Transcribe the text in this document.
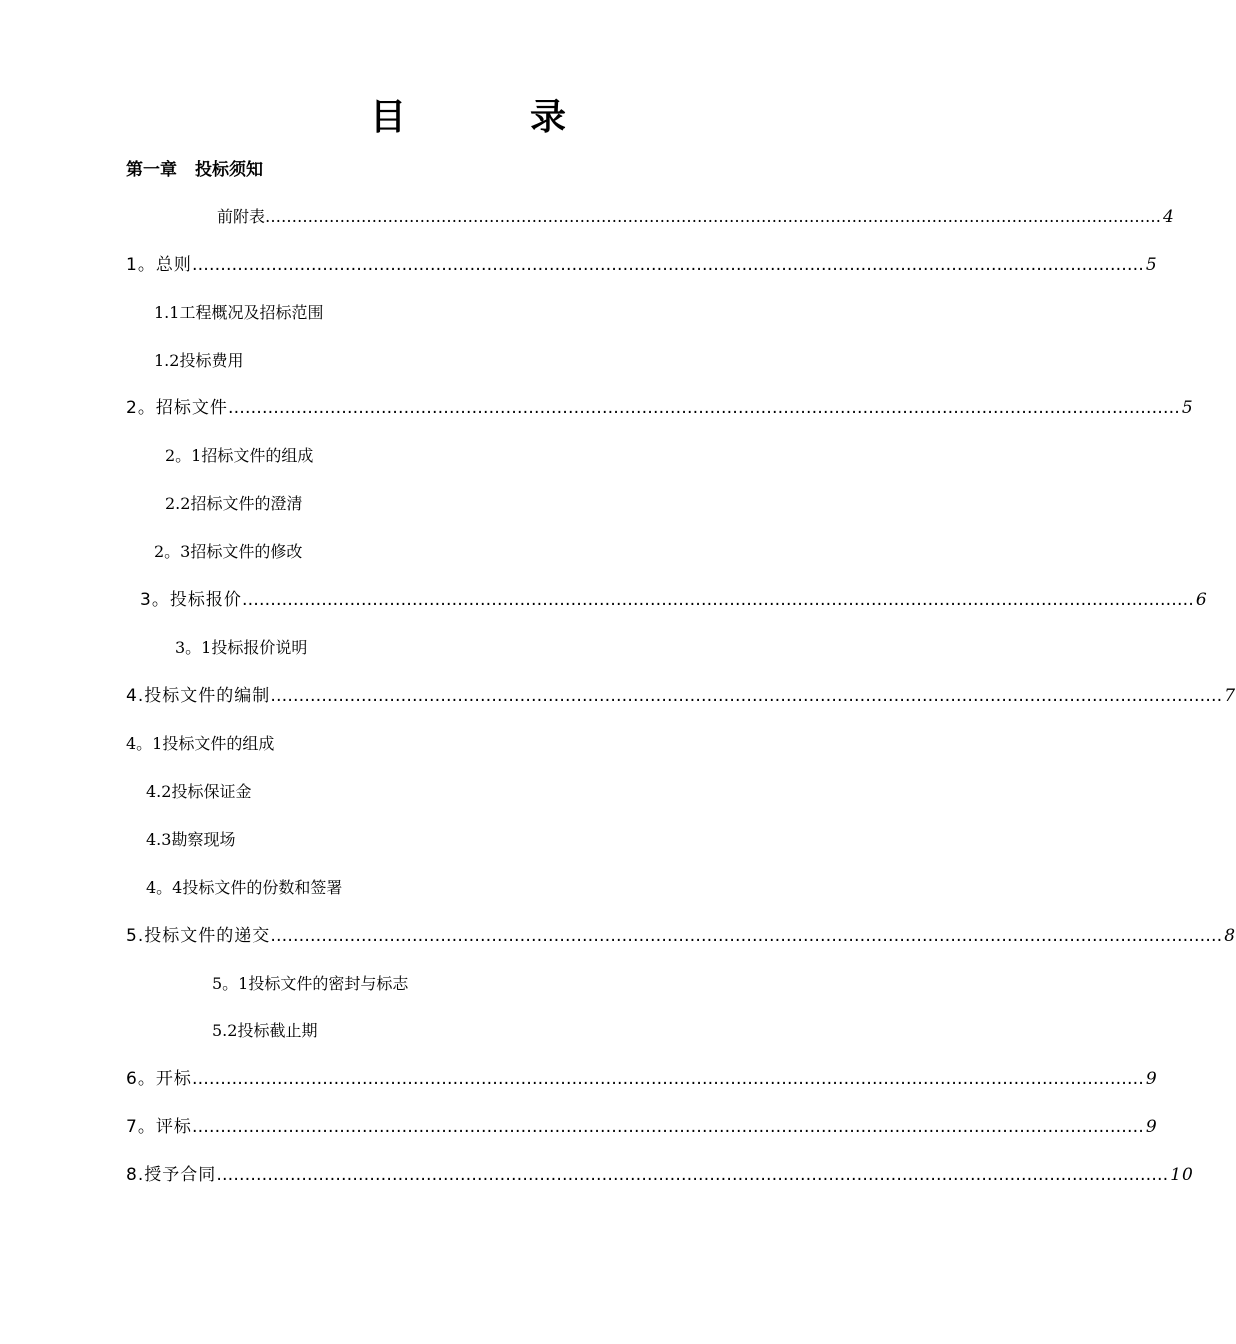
目　录
第一章 投标须知
前附表 …………………………………………………………………………………………………………………………………………………… 4
1。总则 …………………………………………………………………………………………………………………………………………………… 5
1.1工程概况及招标范围
1.2投标费用
2。招标文件 …………………………………………………………………………………………………………………………………………………… 5
2。1招标文件的组成
2.2招标文件的澄清
2。3招标文件的修改
3。投标报价 …………………………………………………………………………………………………………………………………………………… 6
3。1投标报价说明
4.投标文件的编制 …………………………………………………………………………………………………………………………………………………… 7
4。1投标文件的组成
4.2投标保证金
4.3勘察现场
4。4投标文件的份数和签署
5.投标文件的递交 …………………………………………………………………………………………………………………………………………………… 8
5。1投标文件的密封与标志
5.2投标截止期
6。开标 …………………………………………………………………………………………………………………………………………………… 9
7。评标 …………………………………………………………………………………………………………………………………………………… 9
8.授予合同 …………………………………………………………………………………………………………………………………………………… 10
